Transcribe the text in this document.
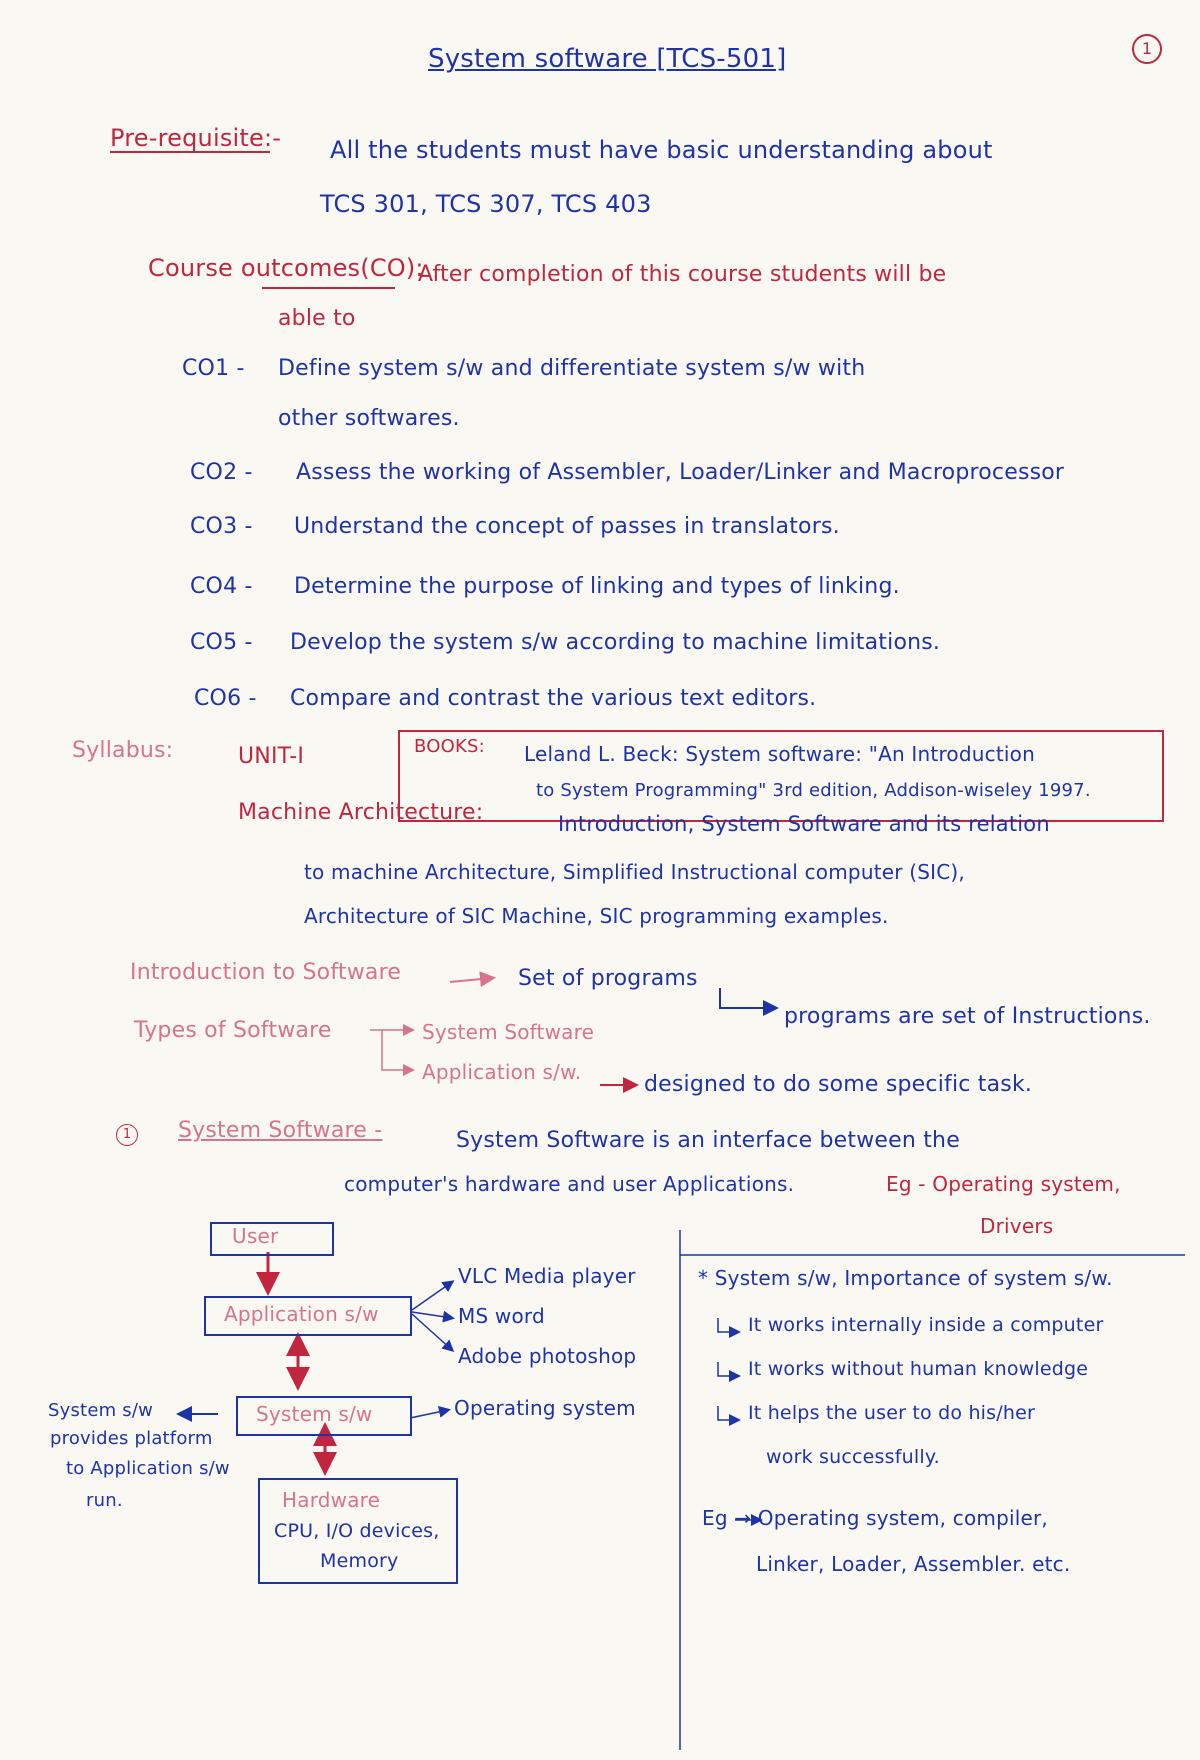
1
System software [TCS-501]
Pre-requisite:- All the students must have basic understanding about
TCS 301, TCS 307, TCS 403
Course outcomes(CO):
After completion of this course students will be
able to
CO1 - Define system s/w and differentiate system s/w with
other softwares.
CO2 - Assess the working of Assembler, Loader/Linker and Macroprocessor
CO3 - Understand the concept of passes in translators.
CO4 - Determine the purpose of linking and types of linking.
CO5 - Develop the system s/w according to machine limitations.
CO6 - Compare and contrast the various text editors.
Syllabus:	UNIT-I	BOOKS: Leland L. Beck: System software: "An Introduction
to System Programming" 3rd edition, Addison-wiseley 1997.
Machine Architecture:	Introduction, System Software and its relation
to machine Architecture, Simplified Instructional computer (SIC),
Architecture of SIC Machine, SIC programming examples.
Introduction to Software	Set of programs
programs are set of Instructions.
Types of Software	System Software
Application s/w.	designed to do some specific task.
1	System Software -	System Software is an interface between the
computer's hardware and user Applications.	Eg - Operating system,
Drivers
User
Application s/w
VLC Media player
MS word
Adobe photoshop
System s/w	Operating system
Hardware
CPU, I/O devices,
Memory
System s/w
provides platform
to Application s/w
run.
* System s/w, Importance of system s/w.
It works internally inside a computer
It works without human knowledge
It helps the user to do his/her
work successfully.
Eg → Operating system, compiler,
Linker, Loader, Assembler. etc.
